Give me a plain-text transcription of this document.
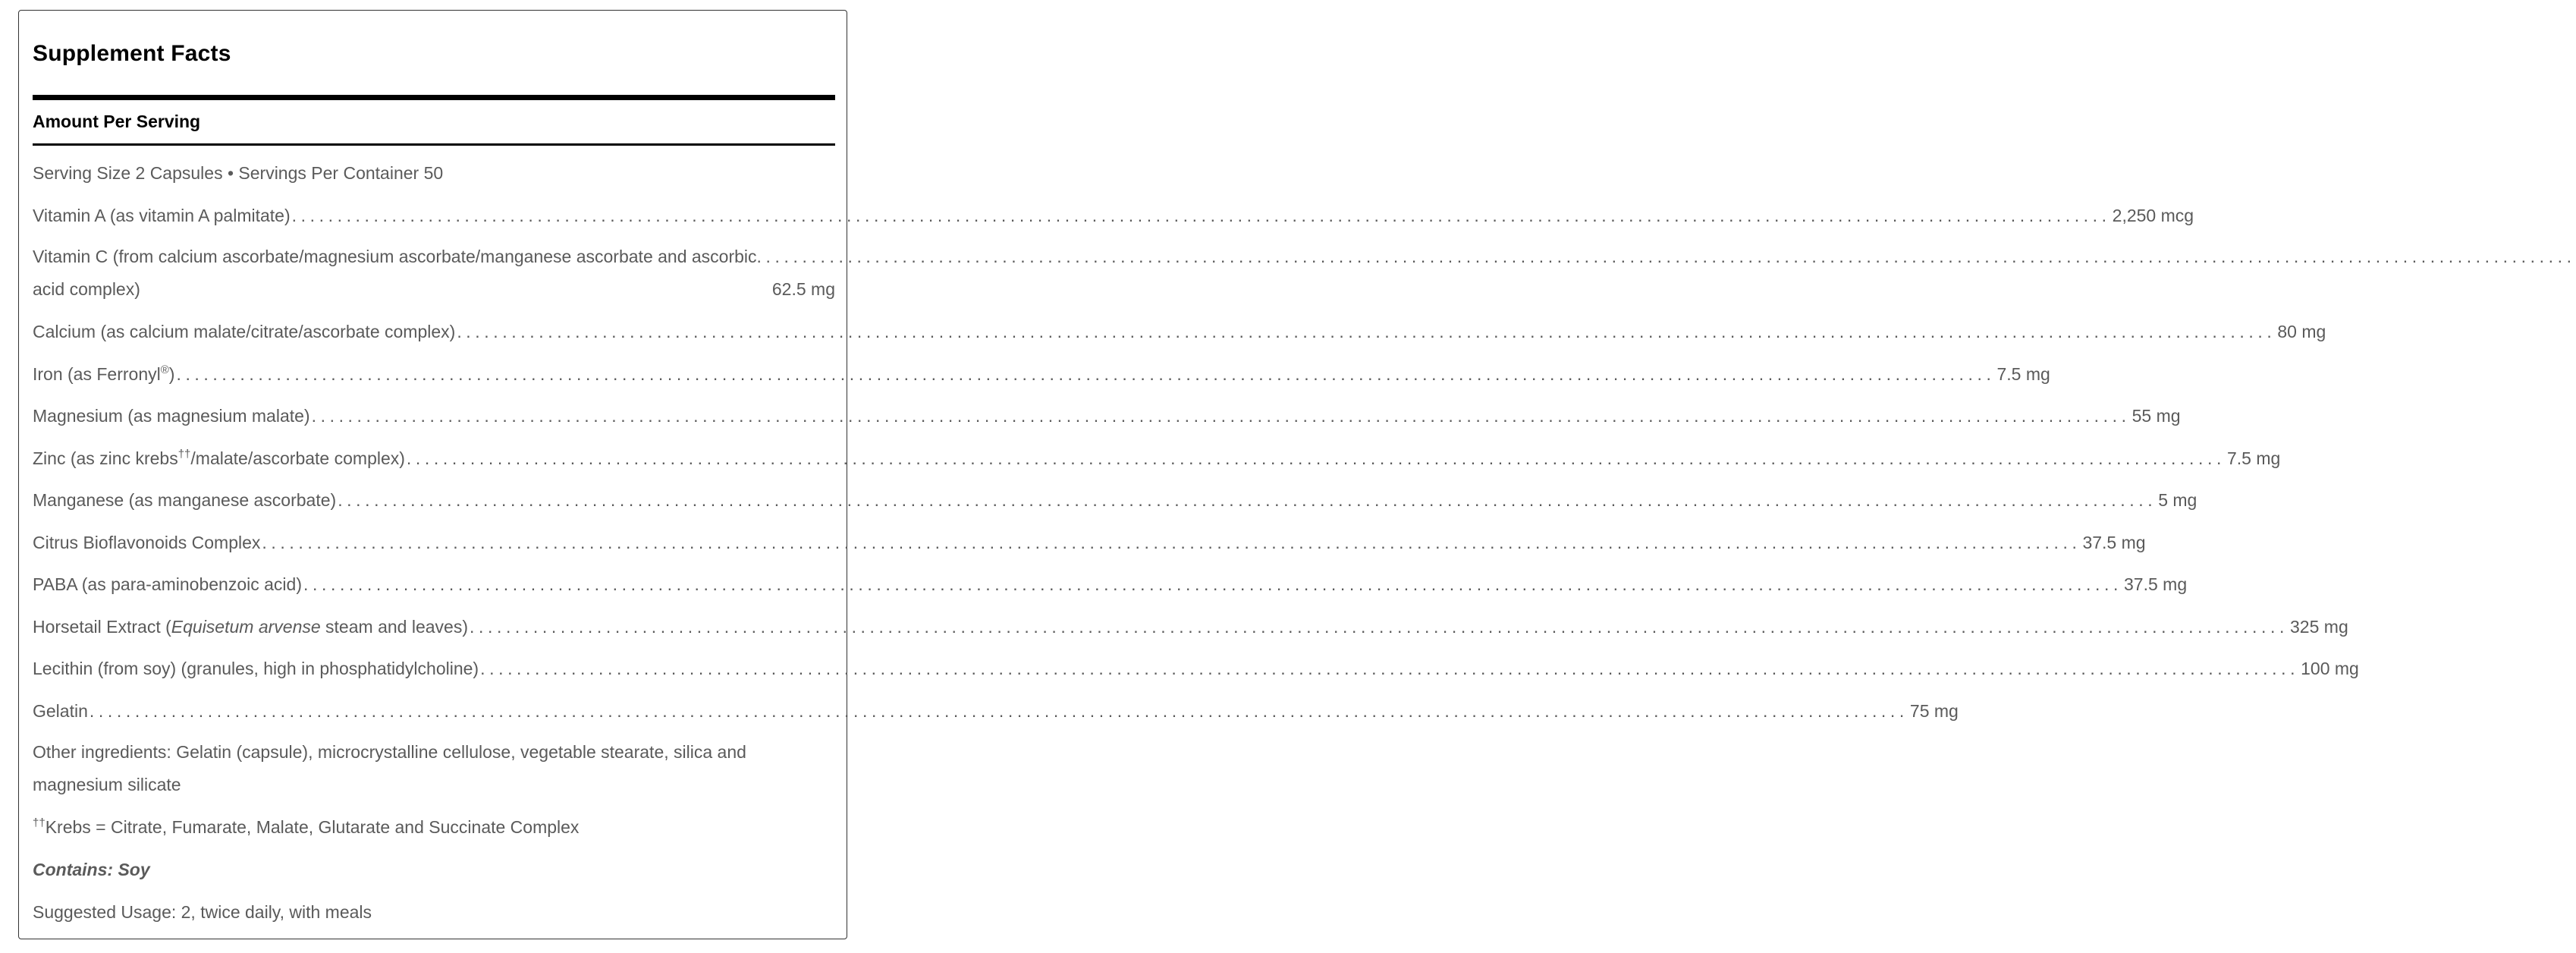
Supplement Facts
Amount Per Serving
Serving Size 2 Capsules • Servings Per Container 50
Vitamin A (as vitamin A palmitate) ........................................................................................................................................................................................................ 2,250 mcg
Vitamin C (from calcium ascorbate/magnesium ascorbate/manganese ascorbate and ascorbic ........................................................................................................................................................................................................
acid complex)	62.5 mg
Calcium (as calcium malate/citrate/ascorbate complex) ........................................................................................................................................................................................................ 80 mg
Iron (as Ferronyl®) ........................................................................................................................................................................................................ 7.5 mg
Magnesium (as magnesium malate) ........................................................................................................................................................................................................ 55 mg
Zinc (as zinc krebs††/malate/ascorbate complex) ........................................................................................................................................................................................................ 7.5 mg
Manganese (as manganese ascorbate) ........................................................................................................................................................................................................ 5 mg
Citrus Bioflavonoids Complex ........................................................................................................................................................................................................ 37.5 mg
PABA (as para-aminobenzoic acid) ........................................................................................................................................................................................................ 37.5 mg
Horsetail Extract (Equisetum arvense steam and leaves) ........................................................................................................................................................................................................ 325 mg
Lecithin (from soy) (granules, high in phosphatidylcholine) ........................................................................................................................................................................................................ 100 mg
Gelatin ........................................................................................................................................................................................................ 75 mg
Other ingredients: Gelatin (capsule), microcrystalline cellulose, vegetable stearate, silica and magnesium silicate
††Krebs = Citrate, Fumarate, Malate, Glutarate and Succinate Complex
Contains: Soy
Suggested Usage: 2, twice daily, with meals
